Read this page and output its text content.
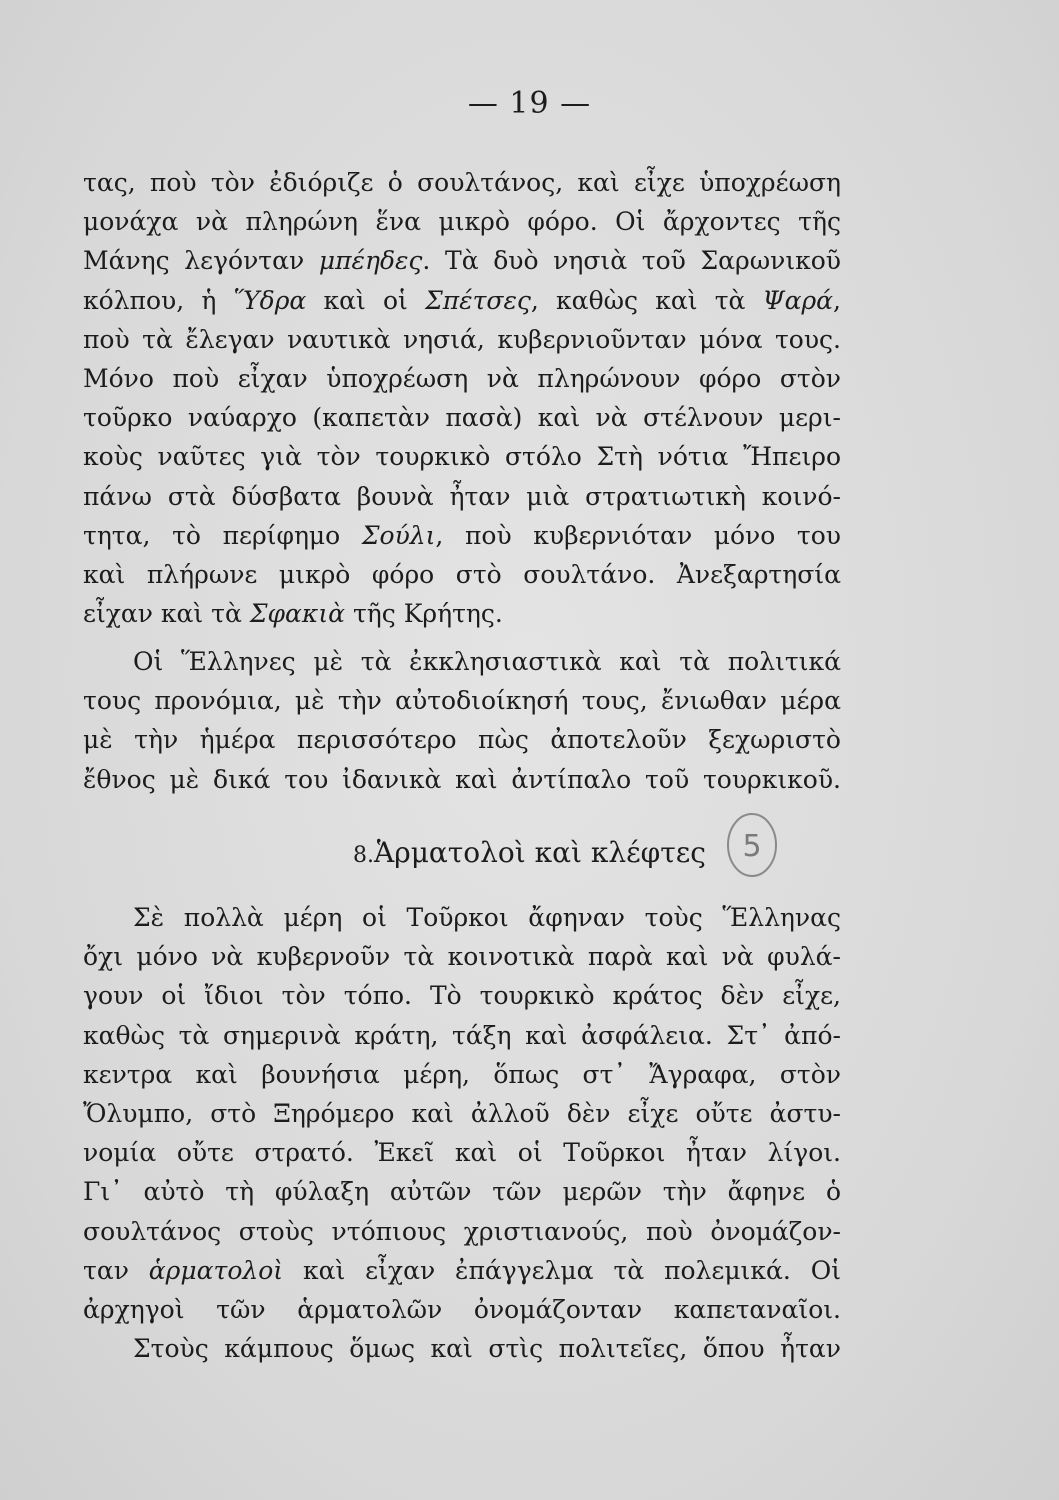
— 19 —
τας, ποὺ τὸν ἐδιόριζε ὁ σουλτάνος, καὶ εἶχε ὑποχρέωση
μονάχα νὰ πληρώνη ἕνα μικρὸ φόρο. Οἱ ἄρχοντες τῆς
Μάνης λεγόνταν μπέηδες. Τὰ δυὸ νησιὰ τοῦ Σαρωνικοῦ
κόλπου, ἡ Ὕδρα καὶ οἱ Σπέτσες, καθὼς καὶ τὰ Ψαρά,
ποὺ τὰ ἔλεγαν ναυτικὰ νησιά, κυβερνιοῦνταν μόνα τους.
Μόνο ποὺ εἶχαν ὑποχρέωση νὰ πληρώνουν φόρο στὸν
τοῦρκο ναύαρχο (καπετὰν πασὰ) καὶ νὰ στέλνουν μερι-
κοὺς ναῦτες γιὰ τὸν τουρκικὸ στόλο Στὴ νότια Ἤπειρο
πάνω στὰ δύσβατα βουνὰ ἦταν μιὰ στρατιωτικὴ κοινό-
τητα, τὸ περίφημο Σούλι, ποὺ κυβερνιόταν μόνο του
καὶ πλήρωνε μικρὸ φόρο στὸ σουλτάνο. Ἀνεξαρτησία
εἶχαν καὶ τὰ Σφακιὰ τῆς Κρήτης.
Οἱ Ἕλληνες μὲ τὰ ἐκκλησιαστικὰ καὶ τὰ πολιτικά
τους προνόμια, μὲ τὴν αὐτοδιοίκησή τους, ἔνιωθαν μέρα
μὲ τὴν ἡμέρα περισσότερο πὼς ἀποτελοῦν ξεχωριστὸ
ἔθνος μὲ δικά του ἰδανικὰ καὶ ἀντίπαλο τοῦ τουρκικοῦ.
8.Ἁρματολοὶ καὶ κλέφτες	5
Σὲ πολλὰ μέρη οἱ Τοῦρκοι ἄφηναν τοὺς Ἕλληνας
ὄχι μόνο νὰ κυβερνοῦν τὰ κοινοτικὰ παρὰ καὶ νὰ φυλά-
γουν οἱ ἴδιοι τὸν τόπο. Τὸ τουρκικὸ κράτος δὲν εἶχε,
καθὼς τὰ σημερινὰ κράτη, τάξη καὶ ἀσφάλεια. Στ᾽ ἀπό-
κεντρα καὶ βουνήσια μέρη, ὅπως στ᾽ Ἄγραφα, στὸν
Ὄλυμπο, στὸ Ξηρόμερο καὶ ἀλλοῦ δὲν εἶχε οὔτε ἀστυ-
νομία οὔτε στρατό. Ἐκεῖ καὶ οἱ Τοῦρκοι ἦταν λίγοι.
Γι᾽ αὐτὸ τὴ φύλαξη αὐτῶν τῶν μερῶν τὴν ἄφηνε ὁ
σουλτάνος στοὺς ντόπιους χριστιανούς, ποὺ ὀνομάζον-
ταν ἁρματολοὶ καὶ εἶχαν ἐπάγγελμα τὰ πολεμικά. Οἱ
ἀρχηγοὶ τῶν ἁρματολῶν ὀνομάζονταν καπεταναῖοι.
Στοὺς κάμπους ὅμως καὶ στὶς πολιτεῖες, ὅπου ἦταν
